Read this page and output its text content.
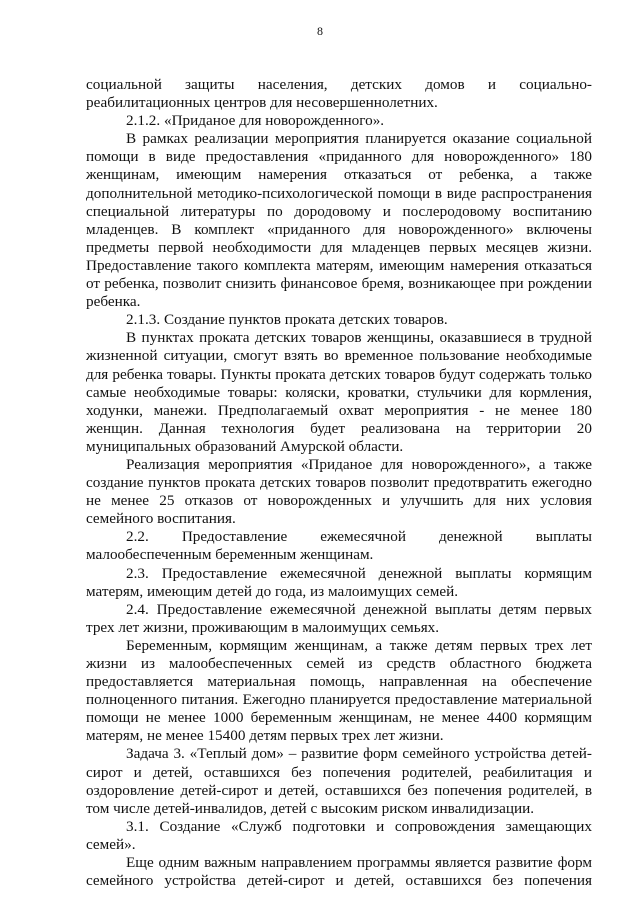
8

социальной защиты населения, детских домов и социально-реабилитационных центров для несовершеннолетних.

2.1.2. «Приданое для новорожденного».

В рамках реализации мероприятия планируется оказание социальной помощи в виде предоставления «приданного для новорожденного» 180 женщинам, имеющим намерения отказаться от ребенка, а также дополнительной методико-психологической помощи в виде распространения специальной литературы по дородовому и послеродовому воспитанию младенцев. В комплект «приданного для новорожденного» включены предметы первой необходимости для младенцев первых месяцев жизни. Предоставление такого комплекта матерям, имеющим намерения отказаться от ребенка, позволит снизить финансовое бремя, возникающее при рождении ребенка.

2.1.3. Создание пунктов проката детских товаров.

В пунктах проката детских товаров женщины, оказавшиеся в трудной жизненной ситуации, смогут взять во временное пользование необходимые для ребенка товары. Пункты проката детских товаров будут содержать только самые необходимые товары: коляски, кроватки, стульчики для кормления, ходунки, манежи. Предполагаемый охват мероприятия - не менее 180 женщин. Данная технология будет реализована на территории 20 муниципальных образований Амурской области.

Реализация мероприятия «Приданое для новорожденного», а также создание пунктов проката детских товаров позволит предотвратить ежегодно не менее 25 отказов от новорожденных и улучшить для них условия семейного воспитания.

2.2. Предоставление ежемесячной денежной выплаты малообеспеченным беременным женщинам.

2.3. Предоставление ежемесячной денежной выплаты кормящим матерям, имеющим детей до года, из малоимущих семей.

2.4. Предоставление ежемесячной денежной выплаты детям первых трех лет жизни, проживающим в малоимущих семьях.

Беременным, кормящим женщинам, а также детям первых трех лет жизни из малообеспеченных семей из средств областного бюджета предоставляется материальная помощь, направленная на обеспечение полноценного питания. Ежегодно планируется предоставление материальной помощи не менее 1000 беременным женщинам, не менее 4400 кормящим матерям, не менее 15400 детям первых трех лет жизни.

Задача 3. «Теплый дом» – развитие форм семейного устройства детей-сирот и детей, оставшихся без попечения родителей, реабилитация и оздоровление детей-сирот и детей, оставшихся без попечения родителей, в том числе детей-инвалидов, детей с высоким риском инвалидизации.

3.1. Создание «Служб подготовки и сопровождения замещающих семей».

Еще одним важным направлением программы является развитие форм семейного устройства детей-сирот и детей, оставшихся без попечения
